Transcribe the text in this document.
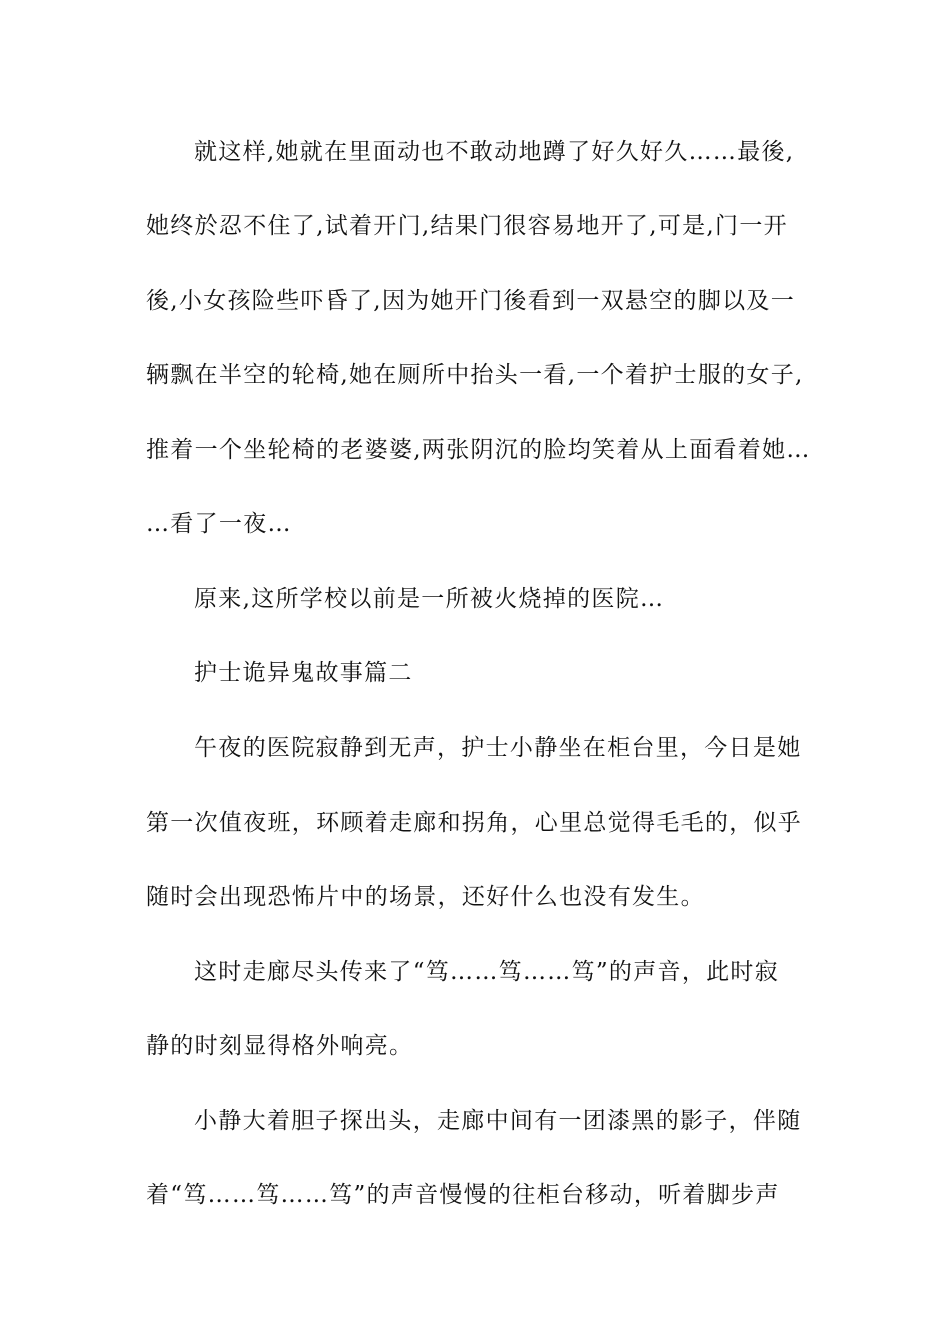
就这样,她就在里面动也不敢动地蹲了好久好久……最後,
她终於忍不住了,试着开门,结果门很容易地开了,可是,门一开
後,小女孩险些吓昏了,因为她开门後看到一双悬空的脚以及一
辆飘在半空的轮椅,她在厕所中抬头一看,一个着护士服的女子,
推着一个坐轮椅的老婆婆,两张阴沉的脸均笑着从上面看着她…
…看了一夜…
原来,这所学校以前是一所被火烧掉的医院…
护士诡异鬼故事篇二
午夜的医院寂静到无声，护士小静坐在柜台里，今日是她
第一次值夜班，环顾着走廊和拐角，心里总觉得毛毛的，似乎
随时会出现恐怖片中的场景，还好什么也没有发生。
这时走廊尽头传来了“笃……笃……笃”的声音，此时寂
静的时刻显得格外响亮。
小静大着胆子探出头，走廊中间有一团漆黑的影子，伴随
着“笃……笃……笃”的声音慢慢的往柜台移动，听着脚步声
